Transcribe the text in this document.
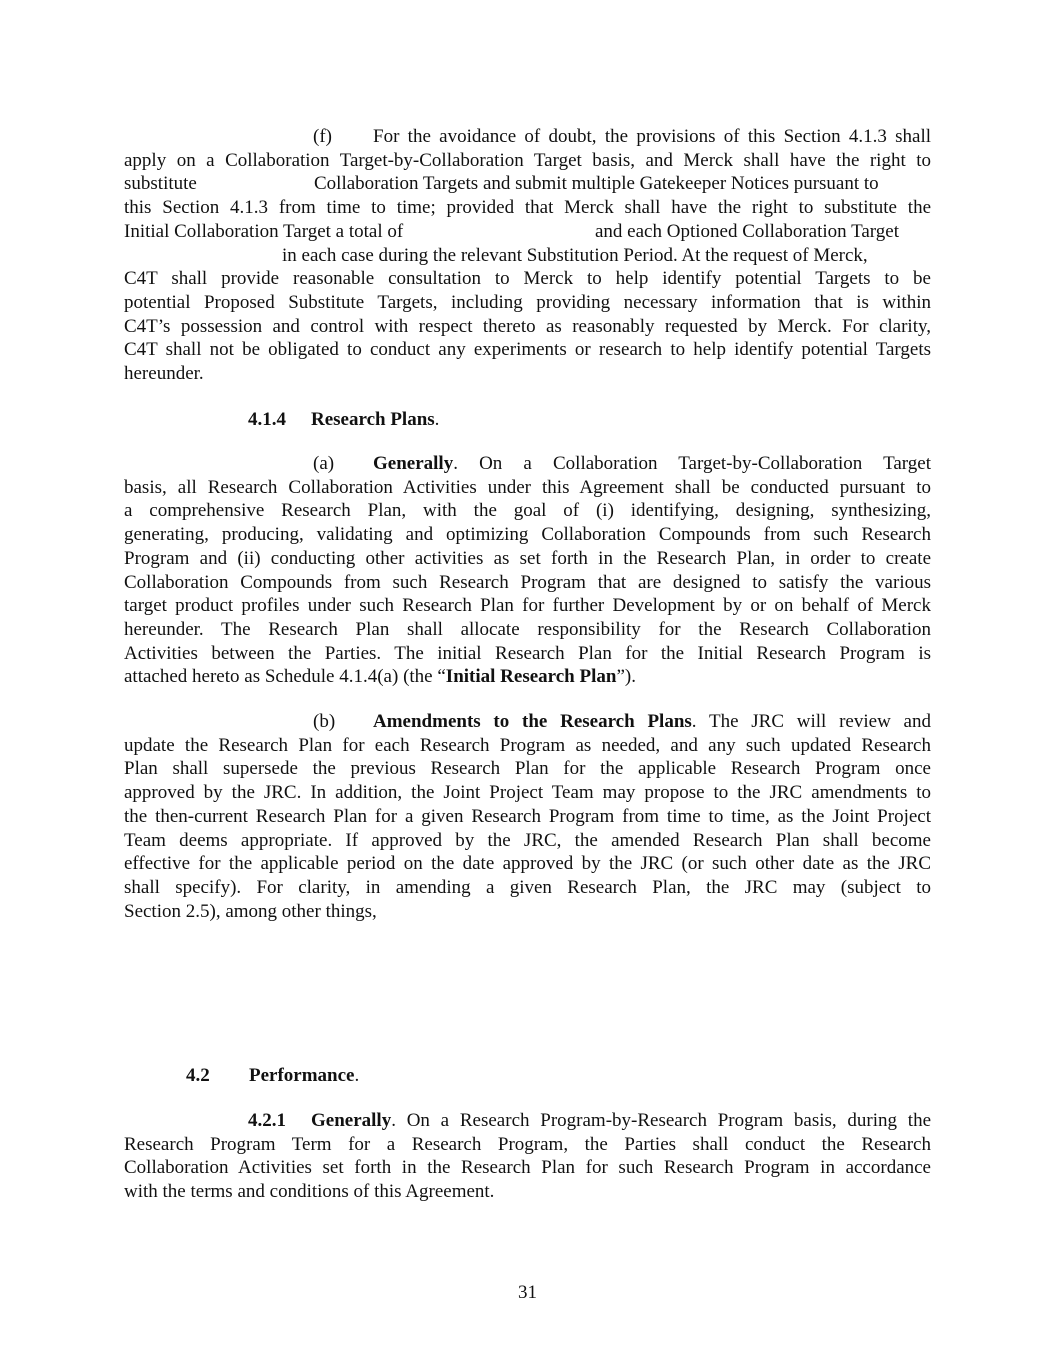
(f) For the avoidance of doubt, the provisions of this Section 4.1.3 shall
apply on a Collaboration Target-by-Collaboration Target basis, and Merck shall have the right to
substitute	Collaboration Targets and submit multiple Gatekeeper Notices pursuant to
this Section 4.1.3 from time to time; provided that Merck shall have the right to substitute the
Initial Collaboration Target a total of	and each Optioned Collaboration Target
in each case during the relevant Substitution Period. At the request of Merck,
C4T shall provide reasonable consultation to Merck to help identify potential Targets to be
potential Proposed Substitute Targets, including providing necessary information that is within
C4T’s possession and control with respect thereto as reasonably requested by Merck. For clarity,
C4T shall not be obligated to conduct any experiments or research to help identify potential Targets
hereunder.
4.1.4 Research Plans.
(a) Generally. On a Collaboration Target-by-Collaboration Target
basis, all Research Collaboration Activities under this Agreement shall be conducted pursuant to
a comprehensive Research Plan, with the goal of (i) identifying, designing, synthesizing,
generating, producing, validating and optimizing Collaboration Compounds from such Research
Program and (ii) conducting other activities as set forth in the Research Plan, in order to create
Collaboration Compounds from such Research Program that are designed to satisfy the various
target product profiles under such Research Plan for further Development by or on behalf of Merck
hereunder. The Research Plan shall allocate responsibility for the Research Collaboration
Activities between the Parties. The initial Research Plan for the Initial Research Program is
attached hereto as Schedule 4.1.4(a) (the “Initial Research Plan”).
(b) Amendments to the Research Plans. The JRC will review and
update the Research Plan for each Research Program as needed, and any such updated Research
Plan shall supersede the previous Research Plan for the applicable Research Program once
approved by the JRC. In addition, the Joint Project Team may propose to the JRC amendments to
the then-current Research Plan for a given Research Program from time to time, as the Joint Project
Team deems appropriate. If approved by the JRC, the amended Research Plan shall become
effective for the applicable period on the date approved by the JRC (or such other date as the JRC
shall specify). For clarity, in amending a given Research Plan, the JRC may (subject to
Section 2.5), among other things,
4.2 Performance.
4.2.1 Generally. On a Research Program-by-Research Program basis, during the
Research Program Term for a Research Program, the Parties shall conduct the Research
Collaboration Activities set forth in the Research Plan for such Research Program in accordance
with the terms and conditions of this Agreement.

31
